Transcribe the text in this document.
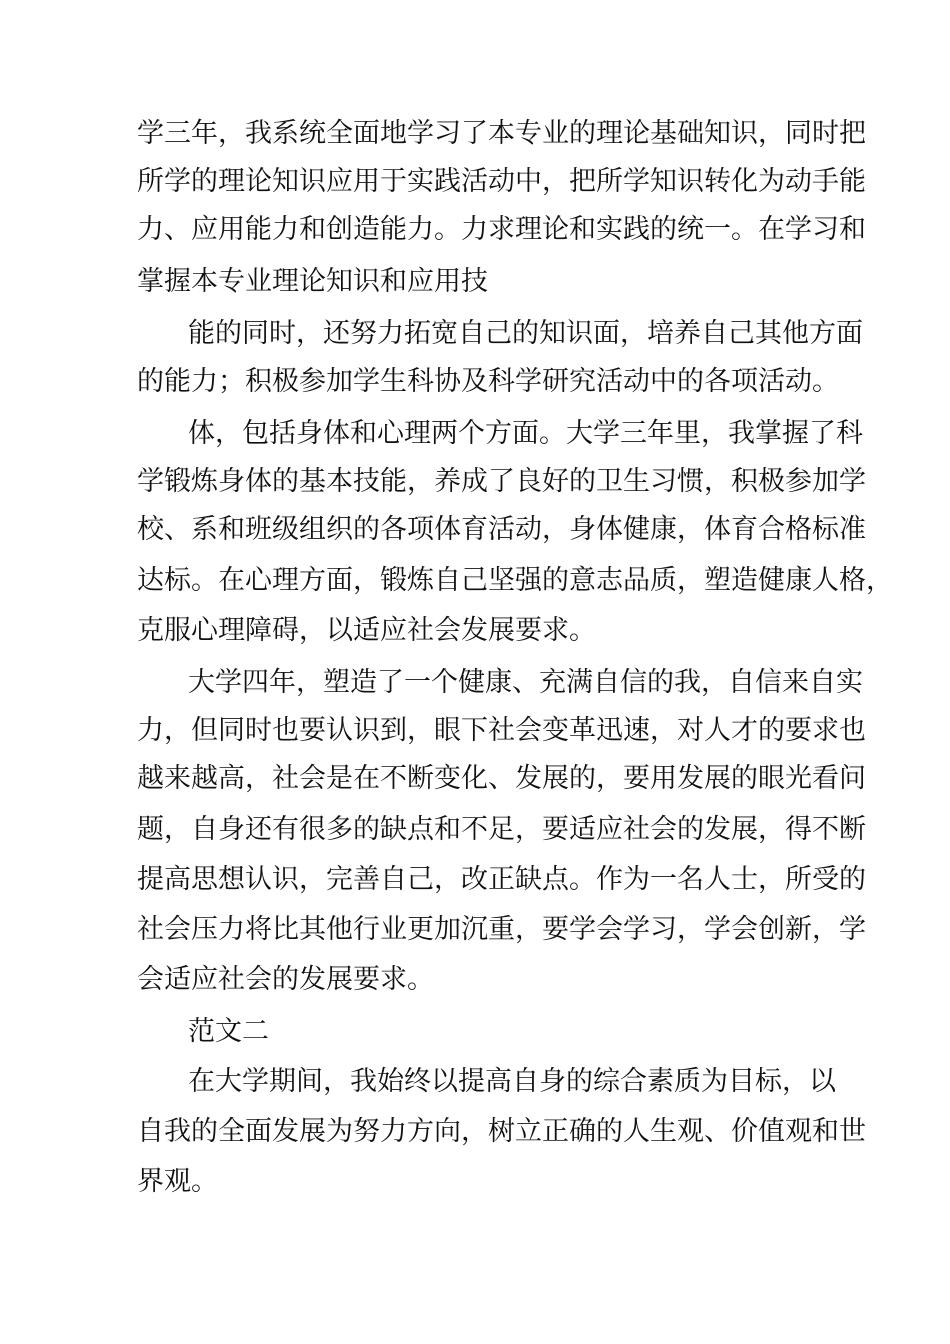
学三年，我系统全面地学习了本专业的理论基础知识，同时把
所学的理论知识应用于实践活动中，把所学知识转化为动手能
力、应用能力和创造能力。力求理论和实践的统一。在学习和
掌握本专业理论知识和应用技
能的同时，还努力拓宽自己的知识面，培养自己其他方面
的能力；积极参加学生科协及科学研究活动中的各项活动。
体，包括身体和心理两个方面。大学三年里，我掌握了科
学锻炼身体的基本技能，养成了良好的卫生习惯，积极参加学
校、系和班级组织的各项体育活动，身体健康，体育合格标准
达标。在心理方面，锻炼自己坚强的意志品质，塑造健康人格，
克服心理障碍，以适应社会发展要求。
大学四年，塑造了一个健康、充满自信的我，自信来自实
力，但同时也要认识到，眼下社会变革迅速，对人才的要求也
越来越高，社会是在不断变化、发展的，要用发展的眼光看问
题，自身还有很多的缺点和不足，要适应社会的发展，得不断
提高思想认识，完善自己，改正缺点。作为一名人士，所受的
社会压力将比其他行业更加沉重，要学会学习，学会创新，学
会适应社会的发展要求。
范文二
在大学期间，我始终以提高自身的综合素质为目标，以
自我的全面发展为努力方向，树立正确的人生观、价值观和世
界观。
